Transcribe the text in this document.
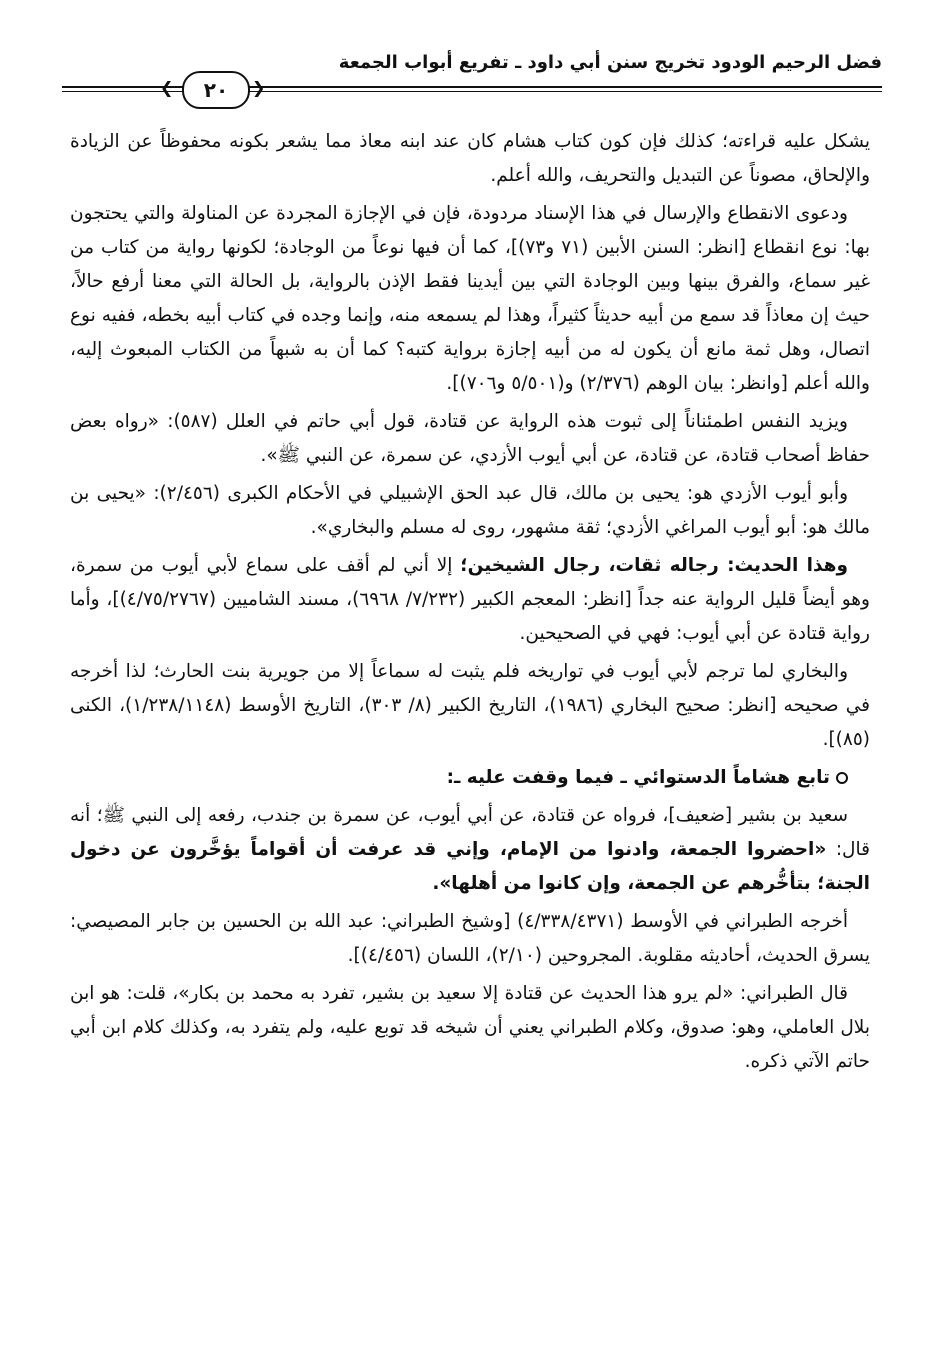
فضل الرحيم الودود تخريج سنن أبي داود ـ تفريع أبواب الجمعة
❮	٢٠	❯

يشكل عليه قراءته؛ كذلك فإن كون كتاب هشام كان عند ابنه معاذ مما يشعر بكونه محفوظاً عن الزيادة والإلحاق، مصوناً عن التبديل والتحريف، والله أعلم.

ودعوى الانقطاع والإرسال في هذا الإسناد مردودة، فإن في الإجازة المجردة عن المناولة والتي يحتجون بها: نوع انقطاع [انظر: السنن الأبين (٧١ و٧٣)]، كما أن فيها نوعاً من الوجادة؛ لكونها رواية من كتاب من غير سماع، والفرق بينها وبين الوجادة التي بين أيدينا فقط الإذن بالرواية، بل الحالة التي معنا أرفع حالاً، حيث إن معاذاً قد سمع من أبيه حديثاً كثيراً، وهذا لم يسمعه منه، وإنما وجده في كتاب أبيه بخطه، ففيه نوع اتصال، وهل ثمة مانع أن يكون له من أبيه إجازة برواية كتبه؟ كما أن به شبهاً من الكتاب المبعوث إليه، والله أعلم [وانظر: بيان الوهم (٢/٣٧٦) و(٥/٥٠١ و٧٠٦)].

ويزيد النفس اطمئناناً إلى ثبوت هذه الرواية عن قتادة، قول أبي حاتم في العلل (٥٨٧): «رواه بعض حفاظ أصحاب قتادة، عن قتادة، عن أبي أيوب الأزدي، عن سمرة، عن النبي ﷺ».

وأبو أيوب الأزدي هو: يحيى بن مالك، قال عبد الحق الإشبيلي في الأحكام الكبرى (٢/٤٥٦): «يحيى بن مالك هو: أبو أيوب المراغي الأزدي؛ ثقة مشهور، روى له مسلم والبخاري».

وهذا الحديث: رجاله ثقات، رجال الشيخين؛ إلا أني لم أقف على سماع لأبي أيوب من سمرة، وهو أيضاً قليل الرواية عنه جداً [انظر: المعجم الكبير (٧/٢٣٢/ ٦٩٦٨)، مسند الشاميين (٤/٧٥/٢٧٦٧)]، وأما رواية قتادة عن أبي أيوب: فهي في الصحيحين.

والبخاري لما ترجم لأبي أيوب في تواريخه فلم يثبت له سماعاً إلا من جويرية بنت الحارث؛ لذا أخرجه في صحيحه [انظر: صحيح البخاري (١٩٨٦)، التاريخ الكبير (٨/ ٣٠٣)، التاريخ الأوسط (١/٢٣٨/١١٤٨)، الكنى (٨٥)].

تابع هشاماً الدستوائي ـ فيما وقفت عليه ـ:

سعيد بن بشير [ضعيف]، فرواه عن قتادة، عن أبي أيوب، عن سمرة بن جندب، رفعه إلى النبي ﷺ؛ أنه قال: «احضروا الجمعة، وادنوا من الإمام، وإني قد عرفت أن أقواماً يؤخَّرون عن دخول الجنة؛ بتأخُّرهم عن الجمعة، وإن كانوا من أهلها».

أخرجه الطبراني في الأوسط (٤/٣٣٨/٤٣٧١) [وشيخ الطبراني: عبد الله بن الحسين بن جابر المصيصي: يسرق الحديث، أحاديثه مقلوبة. المجروحين (٢/١٠)، اللسان (٤/٤٥٦)].

قال الطبراني: «لم يرو هذا الحديث عن قتادة إلا سعيد بن بشير، تفرد به محمد بن بكار»، قلت: هو ابن بلال العاملي، وهو: صدوق، وكلام الطبراني يعني أن شيخه قد توبع عليه، ولم يتفرد به، وكذلك كلام ابن أبي حاتم الآتي ذكره.
